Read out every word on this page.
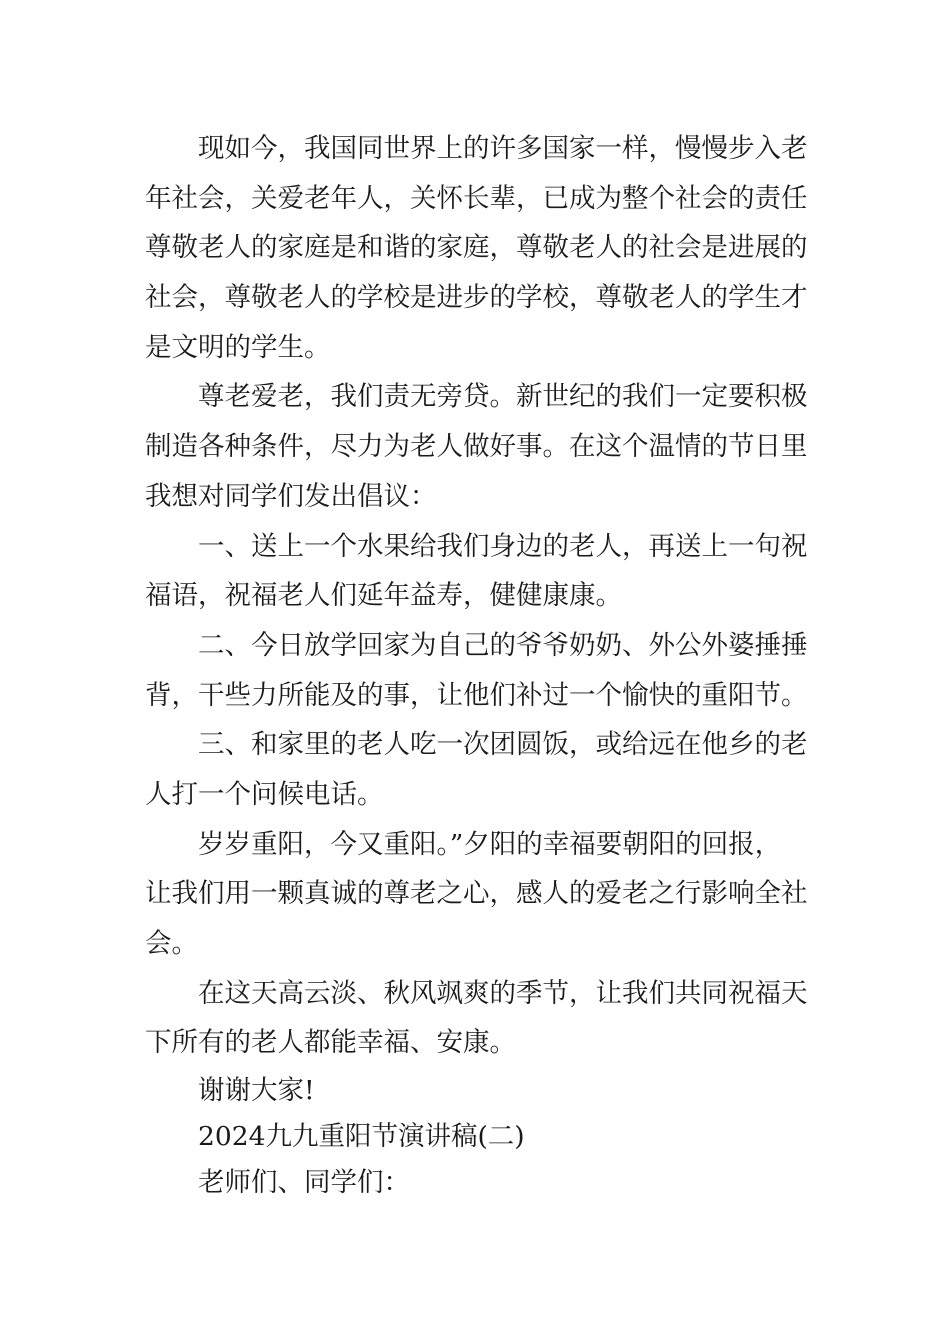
现如今，我国同世界上的许多国家一样，慢慢步入老
年社会，关爱老年人，关怀长辈，已成为整个社会的责任
尊敬老人的家庭是和谐的家庭，尊敬老人的社会是进展的
社会，尊敬老人的学校是进步的学校，尊敬老人的学生才
是文明的学生。
尊老爱老，我们责无旁贷。新世纪的我们一定要积极
制造各种条件，尽力为老人做好事。在这个温情的节日里
我想对同学们发出倡议：
一、送上一个水果给我们身边的老人，再送上一句祝
福语，祝福老人们延年益寿，健健康康。
二、今日放学回家为自己的爷爷奶奶、外公外婆捶捶
背，干些力所能及的事，让他们补过一个愉快的重阳节。
三、和家里的老人吃一次团圆饭，或给远在他乡的老
人打一个问候电话。
岁岁重阳，今又重阳。”夕阳的幸福要朝阳的回报，
让我们用一颗真诚的尊老之心，感人的爱老之行影响全社
会。
在这天高云淡、秋风飒爽的季节，让我们共同祝福天
下所有的老人都能幸福、安康。
谢谢大家!
2024九九重阳节演讲稿(二)
老师们、同学们：
